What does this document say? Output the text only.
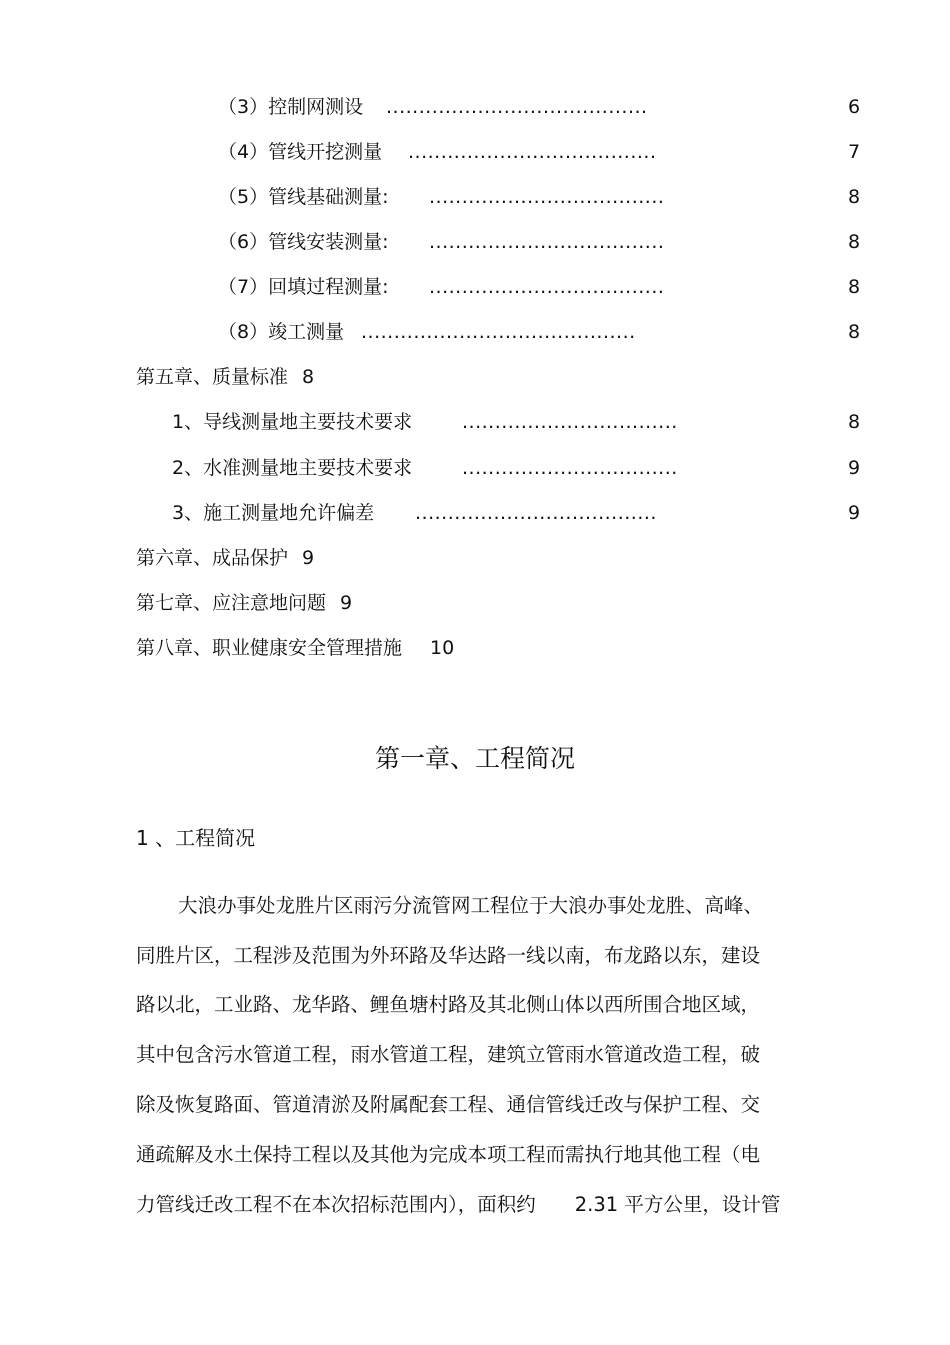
（3）控制网测设 ........................................	6
（4）管线开挖测量 ......................................	7
（5）管线基础测量: ....................................	8
（6）管线安装测量: ....................................	8
（7）回填过程测量: ....................................	8
（8）竣工测量 ..........................................	8
第五章、质量标准 8
1、导线测量地主要技术要求	.................................	8
2、水准测量地主要技术要求	.................................	9
3、施工测量地允许偏差 .....................................	9
第六章、成品保护 9
第七章、应注意地问题 9
第八章、职业健康安全管理措施 10
第一章、工程简况
1 、工程简况
大浪办事处龙胜片区雨污分流管网工程位于大浪办事处龙胜、高峰、
同胜片区，工程涉及范围为外环路及华达路一线以南，布龙路以东，建设
路以北，工业路、龙华路、鲤鱼塘村路及其北侧山体以西所围合地区域，
其中包含污水管道工程，雨水管道工程，建筑立管雨水管道改造工程，破
除及恢复路面、管道清淤及附属配套工程、通信管线迁改与保护工程、交
通疏解及水土保持工程以及其他为完成本项工程而需执行地其他工程（电
力管线迁改工程不在本次招标范围内），面积约　　2.31 平方公里，设计管
